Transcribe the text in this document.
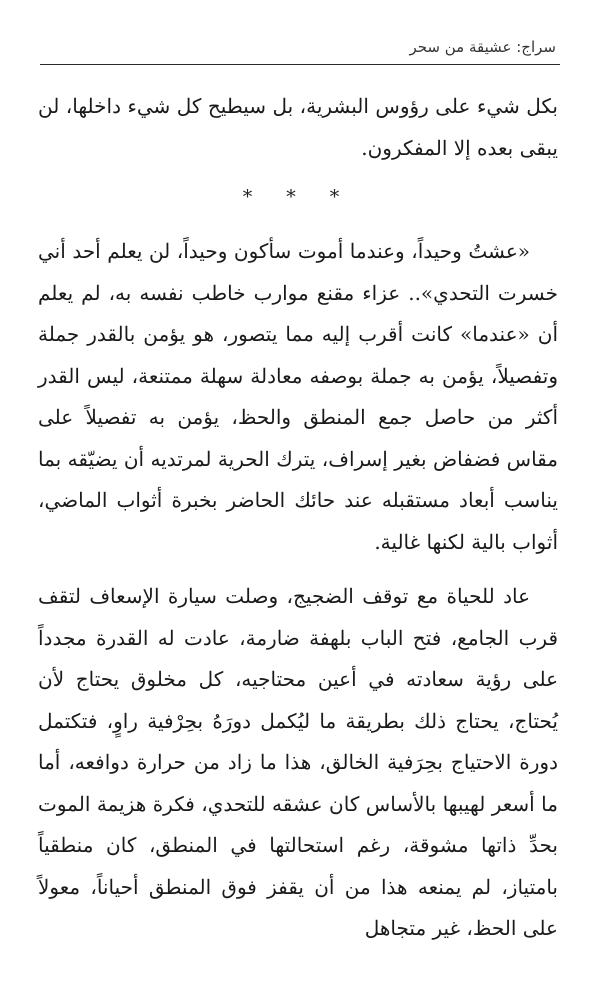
سراج: عشيقة من سحر

بكل شيء على رؤوس البشرية، بل سيطيح كل شيء داخلها، لن يبقى بعده إلا المفكرون.

* * *

«عشتُ وحيداً، وعندما أموت سأكون وحيداً، لن يعلم أحد أني خسرت التحدي».. عزاء مقنع موارب خاطب نفسه به، لم يعلم أن «عندما» كانت أقرب إليه مما يتصور، هو يؤمن بالقدر جملة وتفصيلاً، يؤمن به جملة بوصفه معادلة سهلة ممتنعة، ليس القدر أكثر من حاصل جمع المنطق والحظ، يؤمن به تفصيلاً على مقاس فضفاض بغير إسراف، يترك الحرية لمرتديه أن يضيّقه بما يناسب أبعاد مستقبله عند حائك الحاضر بخبرة أثواب الماضي، أثواب بالية لكنها غالية.

عاد للحياة مع توقف الضجيج، وصلت سيارة الإسعاف لتقف قرب الجامع، فتح الباب بلهفة ضارمة، عادت له القدرة مجدداً على رؤية سعادته في أعين محتاجيه، كل مخلوق يحتاج لأن يُحتاج، يحتاج ذلك بطريقة ما ليُكمل دورَهُ بحِرْفية راوٍ، فتكتمل دورة الاحتياج بحِرَفية الخالق، هذا ما زاد من حرارة دوافعه، أما ما أسعر لهيبها بالأساس كان عشقه للتحدي، فكرة هزيمة الموت بحدِّ ذاتها مشوقة، رغم استحالتها في المنطق، كان منطقياً بامتياز، لم يمنعه هذا من أن يقفز فوق المنطق أحياناً، معولاً على الحظ، غير متجاهل
